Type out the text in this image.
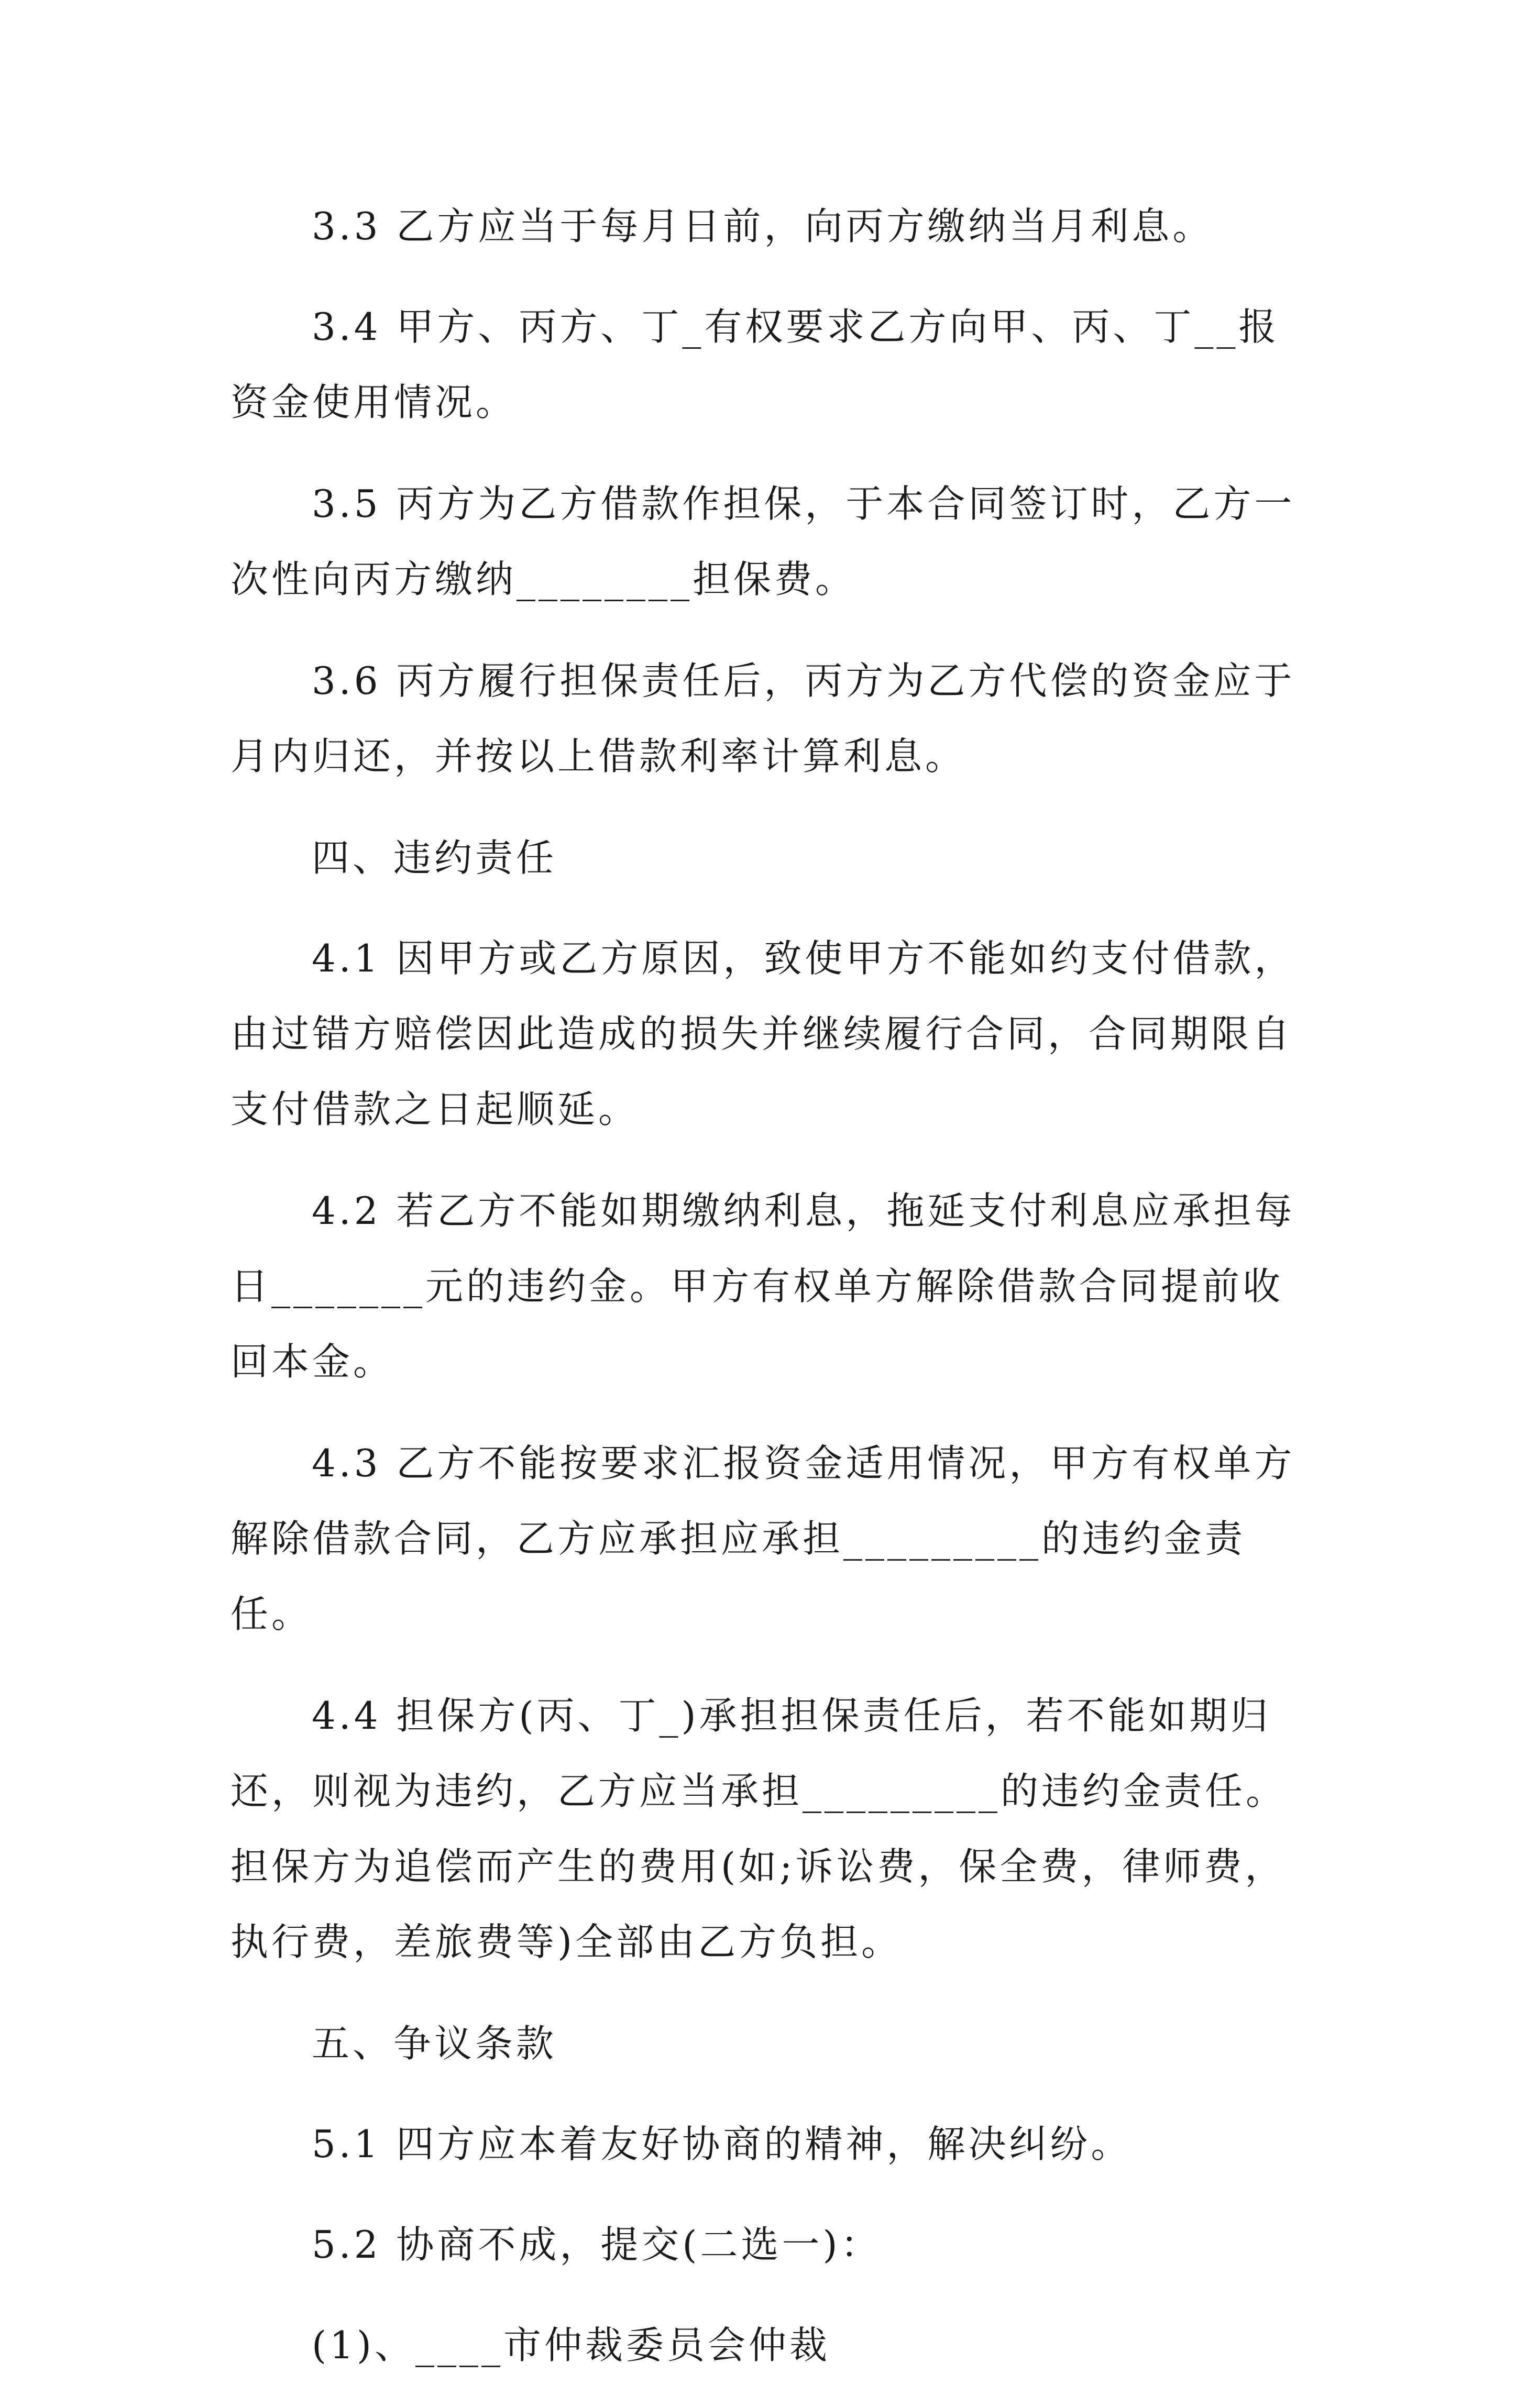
3.3 乙方应当于每月日前，向丙方缴纳当月利息。

3.4 甲方、丙方、丁_有权要求乙方向甲、丙、丁__报资金使用情况。

3.5 丙方为乙方借款作担保，于本合同签订时，乙方一次性向丙方缴纳________担保费。

3.6 丙方履行担保责任后，丙方为乙方代偿的资金应于月内归还，并按以上借款利率计算利息。

四、违约责任

4.1 因甲方或乙方原因，致使甲方不能如约支付借款，由过错方赔偿因此造成的损失并继续履行合同，合同期限自支付借款之日起顺延。

4.2 若乙方不能如期缴纳利息，拖延支付利息应承担每日_______元的违约金。甲方有权单方解除借款合同提前收回本金。

4.3 乙方不能按要求汇报资金适用情况，甲方有权单方解除借款合同，乙方应承担应承担_________的违约金责任。

4.4 担保方(丙、丁_)承担担保责任后，若不能如期归还，则视为违约，乙方应当承担_________的违约金责任。担保方为追偿而产生的费用(如;诉讼费，保全费，律师费，执行费，差旅费等)全部由乙方负担。

五、争议条款

5.1 四方应本着友好协商的精神，解决纠纷。

5.2 协商不成，提交(二选一)：

(1)、____市仲裁委员会仲裁
